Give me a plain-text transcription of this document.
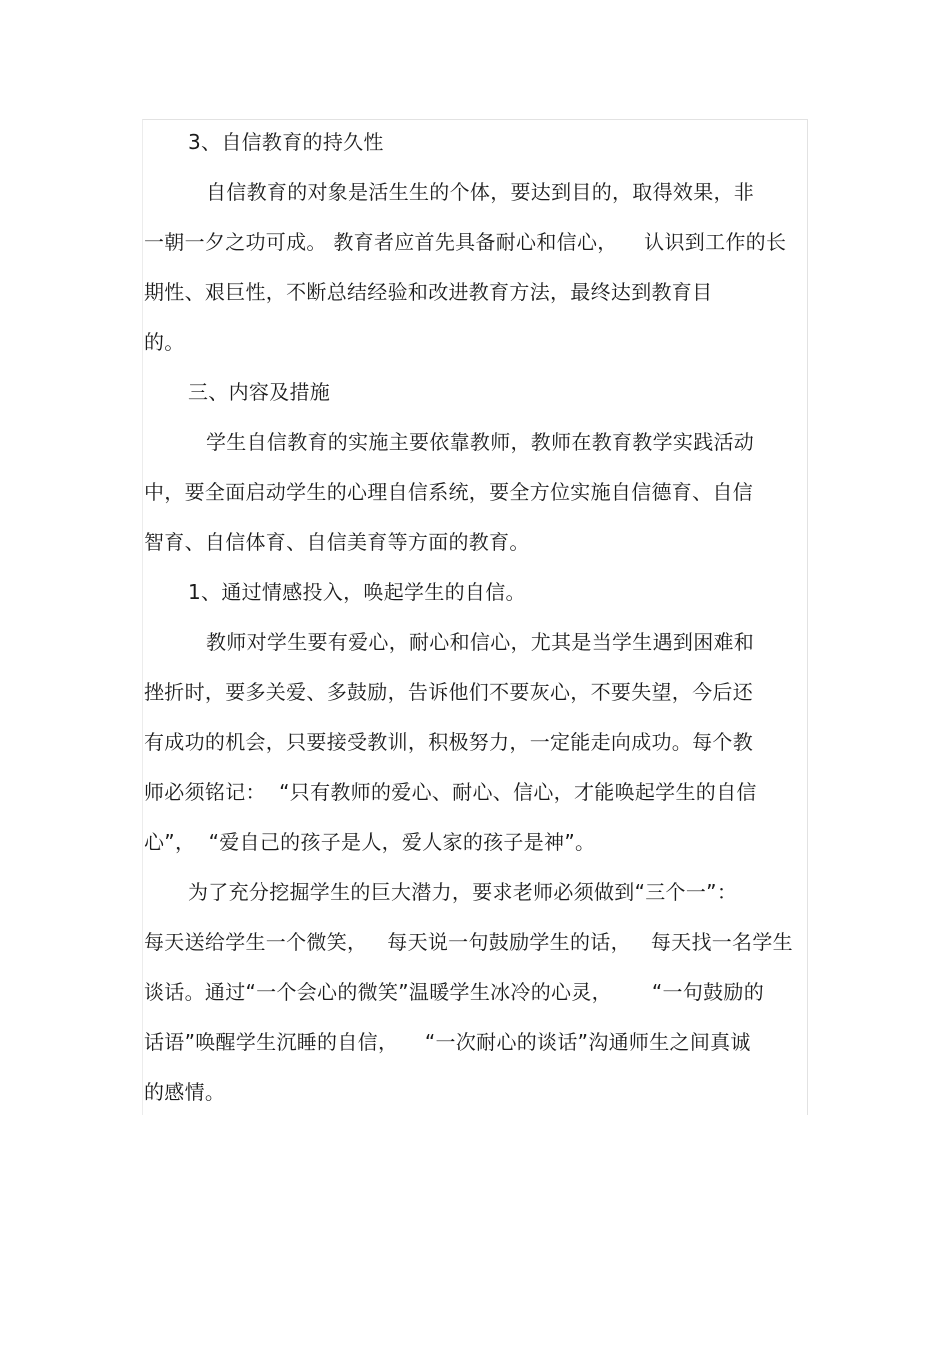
3、自信教育的持久性
自信教育的对象是活生生的个体，要达到目的，取得效果，非
一朝一夕之功可成。 教育者应首先具备耐心和信心，    认识到工作的长
期性、艰巨性，不断总结经验和改进教育方法，最终达到教育目
的。
三、内容及措施
学生自信教育的实施主要依靠教师，教师在教育教学实践活动
中，要全面启动学生的心理自信系统，要全方位实施自信德育、自信
智育、自信体育、自信美育等方面的教育。
1、通过情感投入，唤起学生的自信。
教师对学生要有爱心，耐心和信心，尤其是当学生遇到困难和
挫折时，要多关爱、多鼓励，告诉他们不要灰心，不要失望，今后还
有成功的机会，只要接受教训，积极努力，一定能走向成功。每个教
师必须铭记：  “只有教师的爱心、耐心、信心，才能唤起学生的自信
心”，  “爱自己的孩子是人，爱人家的孩子是神”。
为了充分挖掘学生的巨大潜力，要求老师必须做到“三个一”：
每天送给学生一个微笑，   每天说一句鼓励学生的话，   每天找一名学生
谈话。通过“一个会心的微笑”温暖学生冰冷的心灵，      “一句鼓励的
话语”唤醒学生沉睡的自信，    “一次耐心的谈话”沟通师生之间真诚
的感情。
